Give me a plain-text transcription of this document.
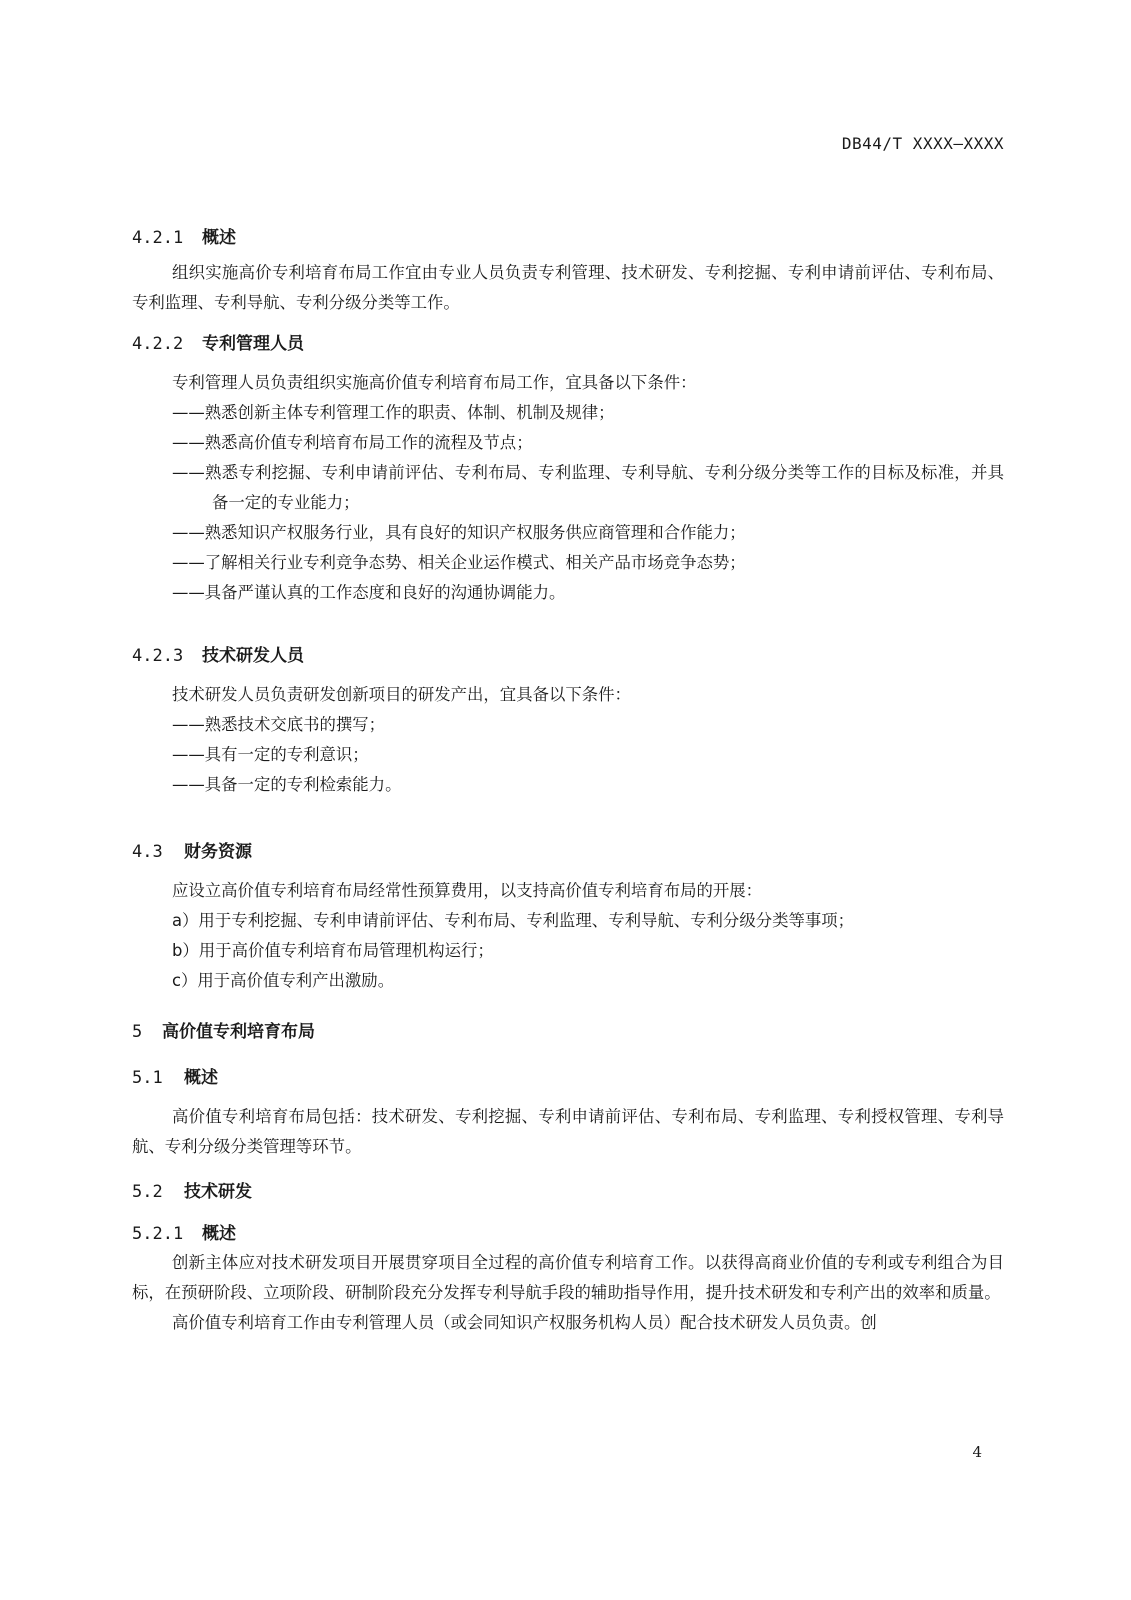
DB44/T XXXX—XXXX
4.2.1 概述

组织实施高价专利培育布局工作宜由专业人员负责专利管理、技术研发、专利挖掘、专利申请前评估、专利布局、专利监理、专利导航、专利分级分类等工作。

4.2.2 专利管理人员

专利管理人员负责组织实施高价值专利培育布局工作，宜具备以下条件：

——熟悉创新主体专利管理工作的职责、体制、机制及规律；
——熟悉高价值专利培育布局工作的流程及节点；
——熟悉专利挖掘、专利申请前评估、专利布局、专利监理、专利导航、专利分级分类等工作的目标及标准，并具备一定的专业能力；
——熟悉知识产权服务行业，具有良好的知识产权服务供应商管理和合作能力；
——了解相关行业专利竞争态势、相关企业运作模式、相关产品市场竞争态势；
——具备严谨认真的工作态度和良好的沟通协调能力。
4.2.3 技术研发人员

技术研发人员负责研发创新项目的研发产出，宜具备以下条件：

——熟悉技术交底书的撰写；
——具有一定的专利意识；
——具备一定的专利检索能力。
4.3 财务资源

应设立高价值专利培育布局经常性预算费用，以支持高价值专利培育布局的开展：

a）用于专利挖掘、专利申请前评估、专利布局、专利监理、专利导航、专利分级分类等事项；
b）用于高价值专利培育布局管理机构运行；
c）用于高价值专利产出激励。
5 高价值专利培育布局
5.1 概述

高价值专利培育布局包括：技术研发、专利挖掘、专利申请前评估、专利布局、专利监理、专利授权管理、专利导航、专利分级分类管理等环节。

5.2 技术研发
5.2.1 概述

创新主体应对技术研发项目开展贯穿项目全过程的高价值专利培育工作。以获得高商业价值的专利或专利组合为目标，在预研阶段、立项阶段、研制阶段充分发挥专利导航手段的辅助指导作用，提升技术研发和专利产出的效率和质量。

高价值专利培育工作由专利管理人员（或会同知识产权服务机构人员）配合技术研发人员负责。创

4
